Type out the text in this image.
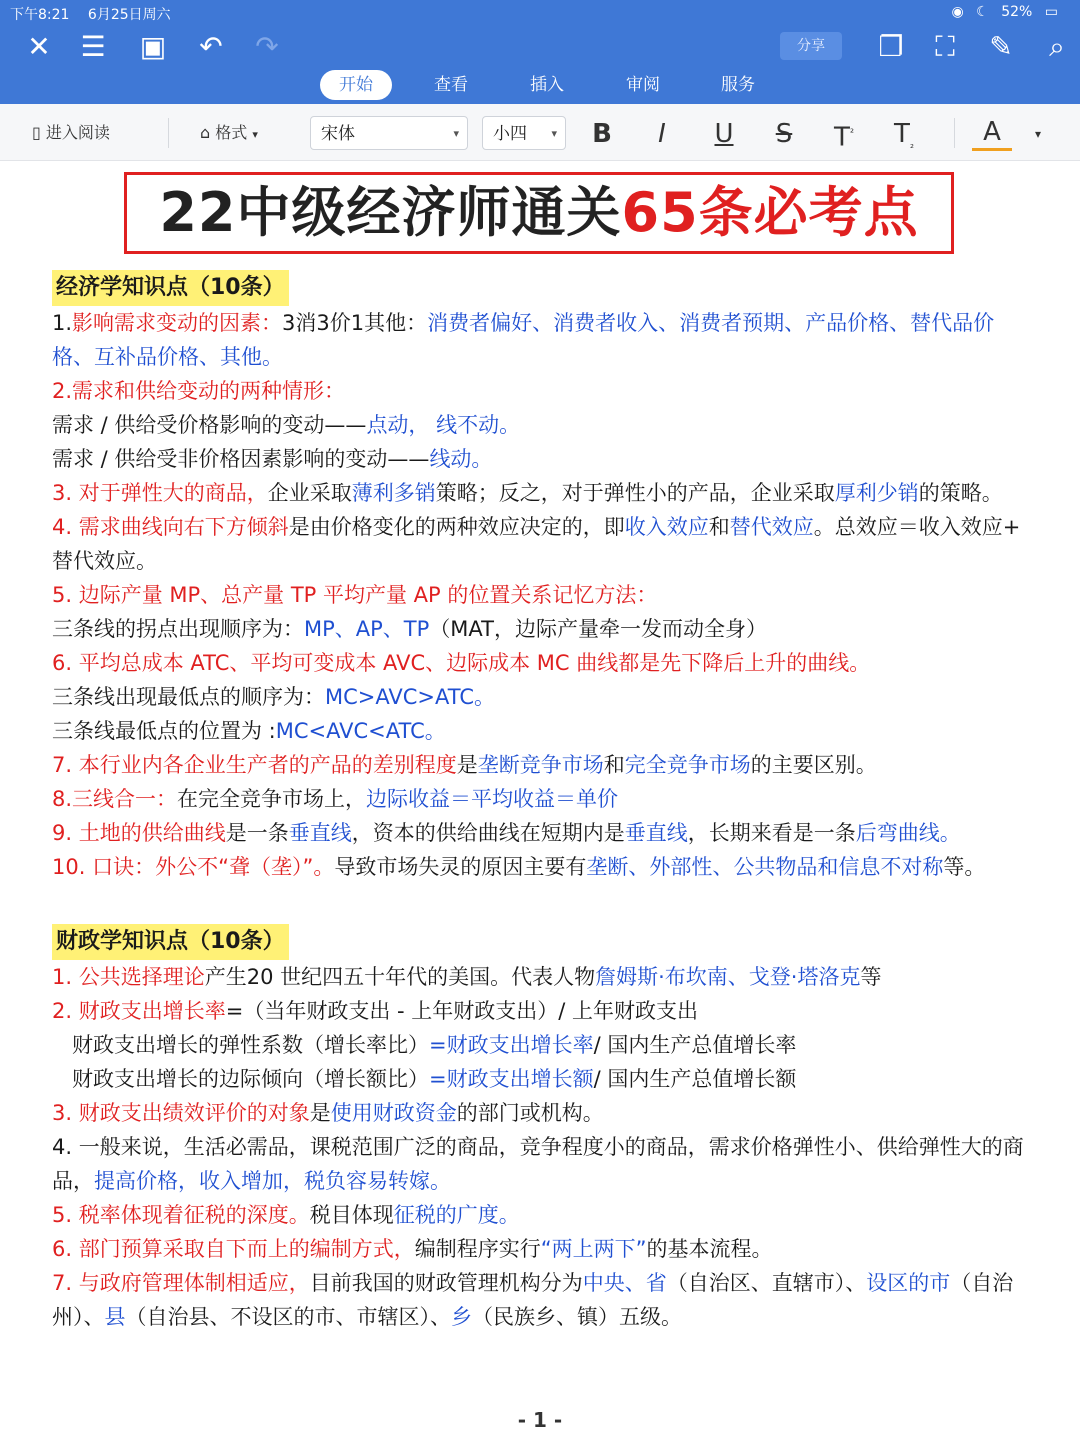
下午8:21 6月25日周六	◉ ☾ 52% ▭
✕ ☰ ▣ ↶ ↷	分享	❐ ⛶ ✎	⌕
开始	查看	插入	审阅	服务
▯ 进入阅读	⌂ 格式 ▾	宋体	▾	小四 ▾	B	I	U	S	$T^{^2}$	$T_{_2}$	A	▾
22中级经济师通关65条必考点
经济学知识点（10条）
1.影响需求变动的因素：3消3价1其他：消费者偏好、消费者收入、消费者预期、产品价格、替代品价格、互补品价格、其他。
2.需求和供给变动的两种情形：
需求 / 供给受价格影响的变动——点动， 线不动。
需求 / 供给受非价格因素影响的变动——线动。
3. 对于弹性大的商品，企业采取薄利多销策略；反之，对于弹性小的产品，企业采取厚利少销的策略。
4. 需求曲线向右下方倾斜是由价格变化的两种效应决定的，即收入效应和替代效应。总效应＝收入效应+ 替代效应。
5. 边际产量 MP、总产量 TP 平均产量 AP 的位置关系记忆方法：
三条线的拐点出现顺序为：MP、AP、TP（MAT，边际产量牵一发而动全身）
6. 平均总成本 ATC、平均可变成本 AVC、边际成本 MC 曲线都是先下降后上升的曲线。
三条线出现最低点的顺序为：MC>AVC>ATC。
三条线最低点的位置为 :MC<AVC<ATC。
7. 本行业内各企业生产者的产品的差别程度是垄断竞争市场和完全竞争市场的主要区别。
8.三线合一：在完全竞争市场上，边际收益＝平均收益＝单价
9. 土地的供给曲线是一条垂直线，资本的供给曲线在短期内是垂直线，长期来看是一条后弯曲线。
10. 口诀：外公不“聋（垄）”。导致市场失灵的原因主要有垄断、外部性、公共物品和信息不对称等。
财政学知识点（10条）
1. 公共选择理论产生20 世纪四五十年代的美国。代表人物詹姆斯·布坎南、戈登·塔洛克等
2. 财政支出增长率=（当年财政支出 - 上年财政支出）/ 上年财政支出
财政支出增长的弹性系数（增长率比）=财政支出增长率/ 国内生产总值增长率
财政支出增长的边际倾向（增长额比）=财政支出增长额/ 国内生产总值增长额
3. 财政支出绩效评价的对象是使用财政资金的部门或机构。
4. 一般来说，生活必需品，课税范围广泛的商品，竞争程度小的商品，需求价格弹性小、供给弹性大的商品，提高价格，收入增加，税负容易转嫁。
5. 税率体现着征税的深度。税目体现征税的广度。
6. 部门预算采取自下而上的编制方式，编制程序实行“两上两下”的基本流程。
7. 与政府管理体制相适应，目前我国的财政管理机构分为中央、省（自治区、直辖市）、设区的市（自治州）、县（自治县、不设区的市、市辖区）、乡（民族乡、镇）五级。
- 1 -
